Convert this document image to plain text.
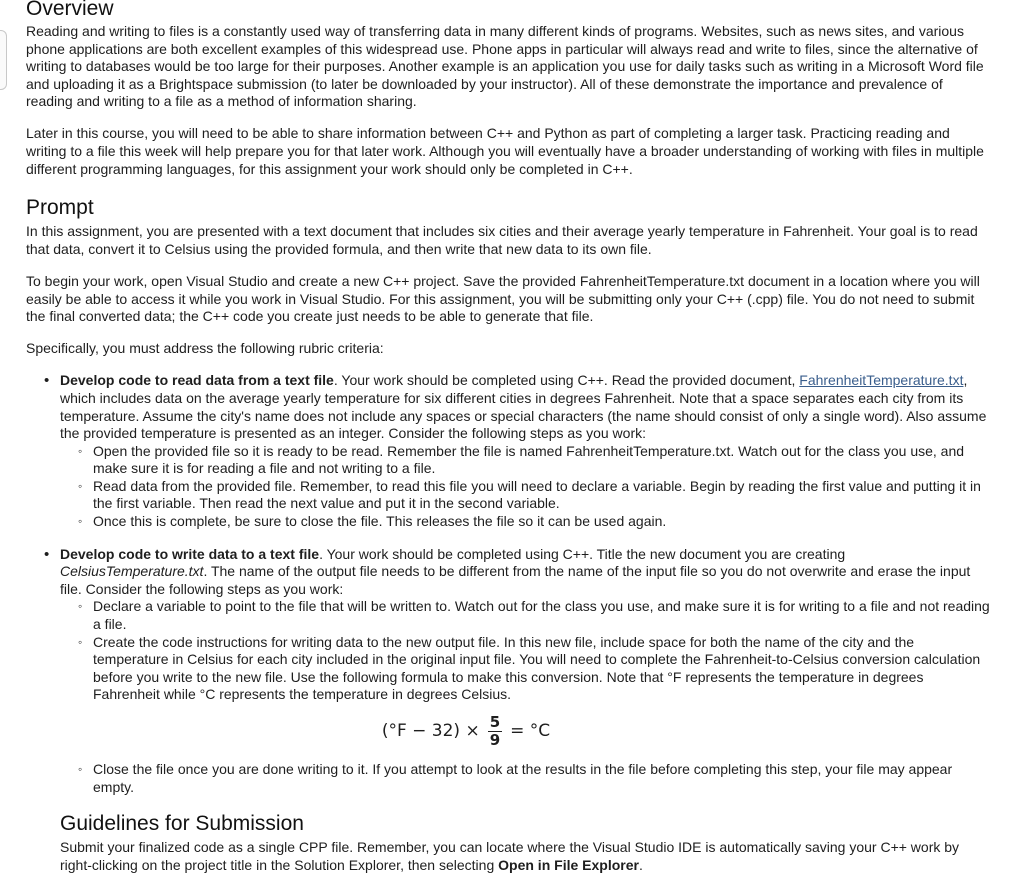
Overview

Reading and writing to files is a constantly used way of transferring data in many different kinds of programs. Websites, such as news sites, and various phone applications are both excellent examples of this widespread use. Phone apps in particular will always read and write to files, since the alternative of writing to databases would be too large for their purposes. Another example is an application you use for daily tasks such as writing in a Microsoft Word file and uploading it as a Brightspace submission (to later be downloaded by your instructor). All of these demonstrate the importance and prevalence of reading and writing to a file as a method of information sharing.

Later in this course, you will need to be able to share information between C++ and Python as part of completing a larger task. Practicing reading and writing to a file this week will help prepare you for that later work. Although you will eventually have a broader understanding of working with files in multiple different programming languages, for this assignment your work should only be completed in C++.

Prompt

In this assignment, you are presented with a text document that includes six cities and their average yearly temperature in Fahrenheit. Your goal is to read that data, convert it to Celsius using the provided formula, and then write that new data to its own file.

To begin your work, open Visual Studio and create a new C++ project. Save the provided FahrenheitTemperature.txt document in a location where you will easily be able to access it while you work in Visual Studio. For this assignment, you will be submitting only your C++ (.cpp) file. You do not need to submit the final converted data; the C++ code you create just needs to be able to generate that file.

Specifically, you must address the following rubric criteria:

• Develop code to read data from a text file. Your work should be completed using C++. Read the provided document, FahrenheitTemperature.txt, which includes data on the average yearly temperature for six different cities in degrees Fahrenheit. Note that a space separates each city from its temperature. Assume the city's name does not include any spaces or special characters (the name should consist of only a single word). Also assume the provided temperature is presented as an integer. Consider the following steps as you work:
◦ Open the provided file so it is ready to be read. Remember the file is named FahrenheitTemperature.txt. Watch out for the class you use, and make sure it is for reading a file and not writing to a file.
◦ Read data from the provided file. Remember, to read this file you will need to declare a variable. Begin by reading the first value and putting it in the first variable. Then read the next value and put it in the second variable.
◦ Once this is complete, be sure to close the file. This releases the file so it can be used again.
• Develop code to write data to a text file. Your work should be completed using C++. Title the new document you are creating CelsiusTemperature.txt. The name of the output file needs to be different from the name of the input file so you do not overwrite and erase the input file. Consider the following steps as you work:
◦ Declare a variable to point to the file that will be written to. Watch out for the class you use, and make sure it is for writing to a file and not reading a file.
◦ Create the code instructions for writing data to the new output file. In this new file, include space for both the name of the city and the temperature in Celsius for each city included in the original input file. You will need to complete the Fahrenheit-to-Celsius conversion calculation before you write to the new file. Use the following formula to make this conversion. Note that °F represents the temperature in degrees Fahrenheit while °C represents the temperature in degrees Celsius.
$(^\circ F - 32) \times \frac{5}{9} = ^\circ C$
◦ Close the file once you are done writing to it. If you attempt to look at the results in the file before completing this step, your file may appear empty.
Guidelines for Submission

Submit your finalized code as a single CPP file. Remember, you can locate where the Visual Studio IDE is automatically saving your C++ work by right-clicking on the project title in the Solution Explorer, then selecting Open in File Explorer.
